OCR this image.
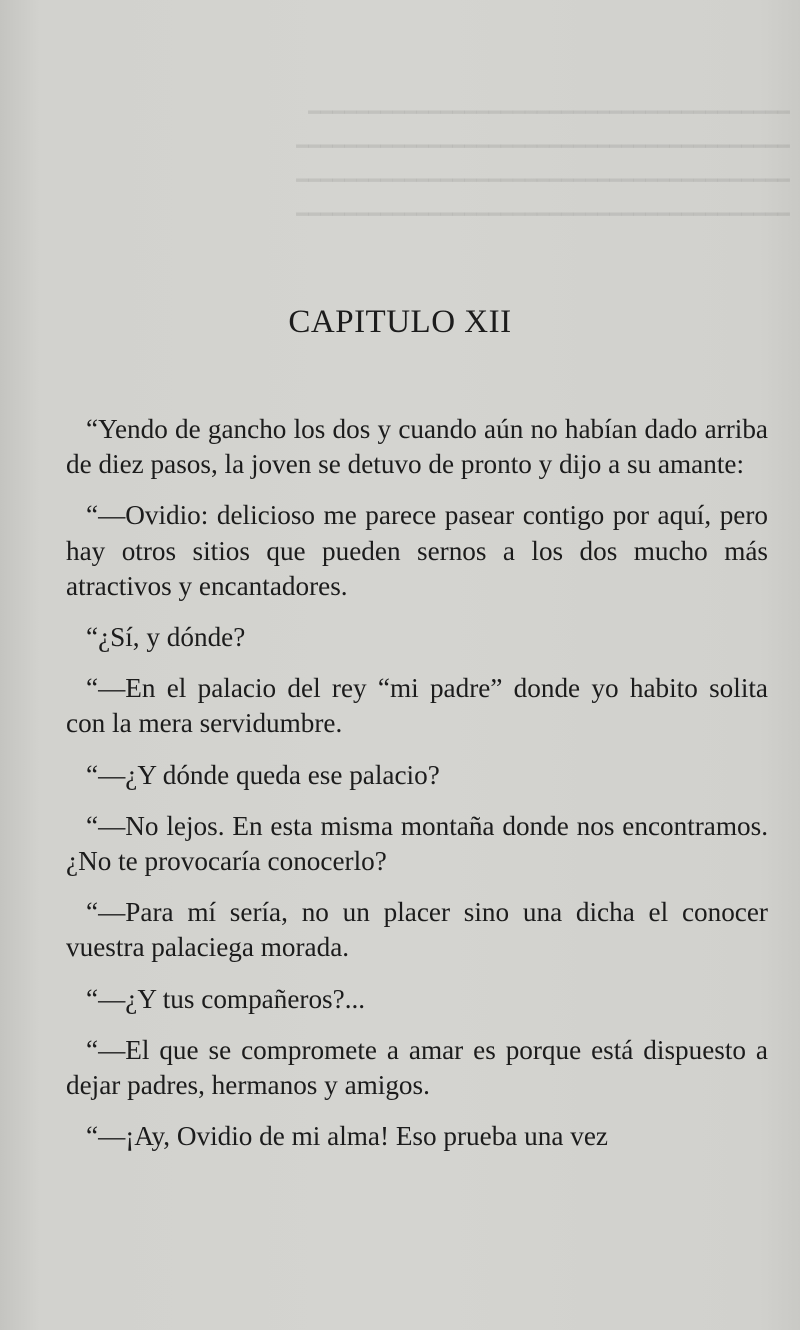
━━━━━━━━━━━━━━━━━━━━━━━━━━━━━━━━━━━━━━━━
━━━━━━━━━━━━━━━━━━━━━━━━━━━━━━━━━━━━━━━━━
━━━━━━━━━━━━━━━━━━━━━━━━━━━━━━━━━━━━━━━━━
━━━━━━━━━━━━━━━━━━━━━━━━━━━━━━━━━━━━━━━━━
CAPITULO XII

“Yendo de gancho los dos y cuando aún no habían dado arriba de diez pasos, la joven se detuvo de pronto y dijo a su amante:

“—Ovidio: delicioso me parece pasear contigo por aquí, pero hay otros sitios que pueden sernos a los dos mucho más atractivos y encantadores.

“¿Sí, y dónde?

“—En el palacio del rey “mi padre” donde yo habito solita con la mera servidumbre.

“—¿Y dónde queda ese palacio?

“—No lejos. En esta misma montaña donde nos encontramos. ¿No te provocaría conocerlo?

“—Para mí sería, no un placer sino una dicha el conocer vuestra palaciega morada.

“—¿Y tus compañeros?...

“—El que se compromete a amar es porque está dispuesto a dejar padres, hermanos y amigos.

“—¡Ay, Ovidio de mi alma! Eso prueba una vez
